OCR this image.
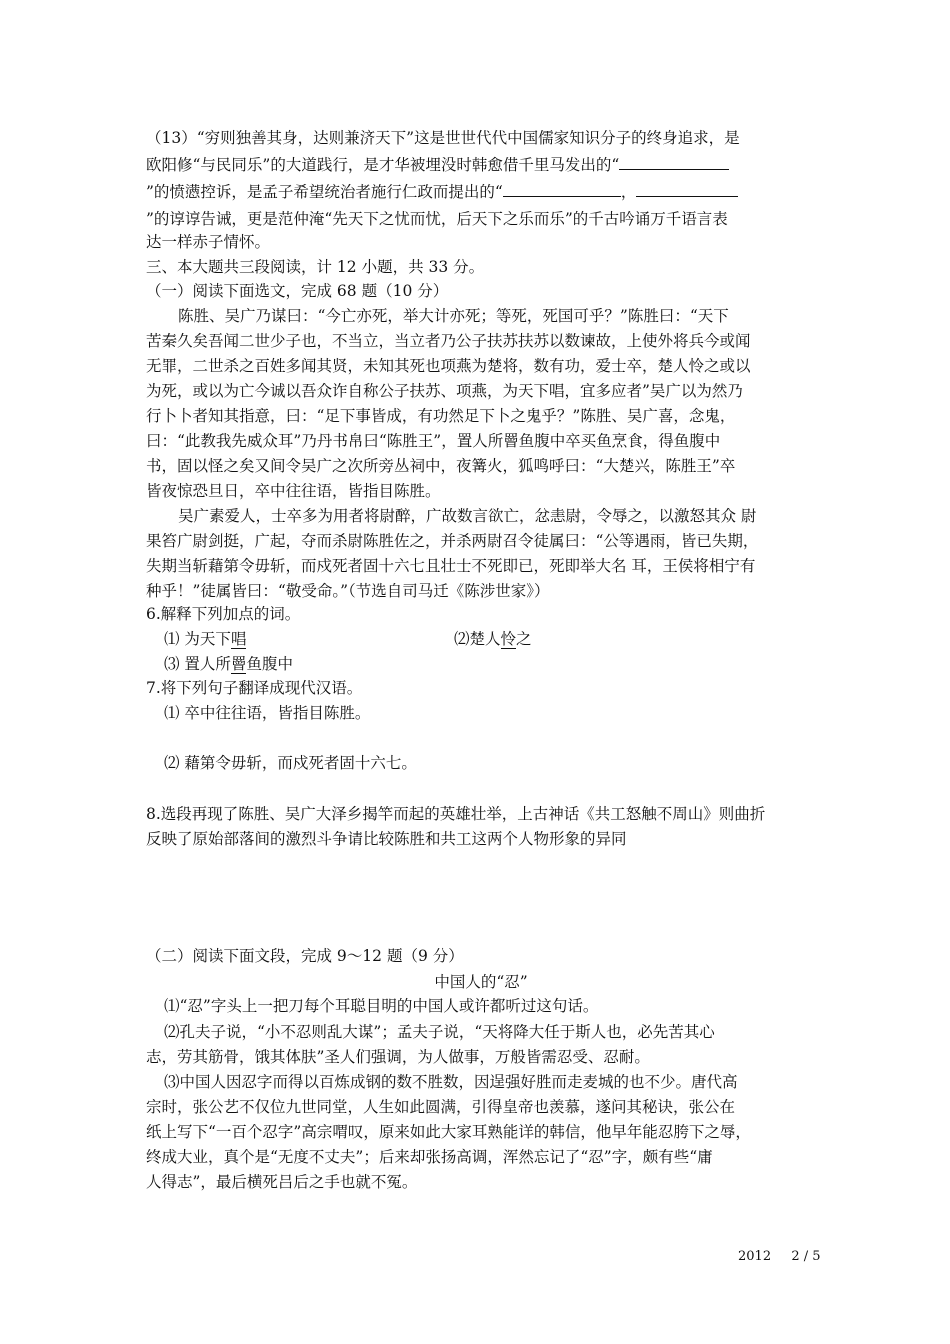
（13）“穷则独善其身，达则兼济天下”这是世世代代中国儒家知识分子的终身追求，是
欧阳修“与民同乐”的大道践行，是才华被埋没时韩愈借千里马发出的“
”的愤懑控诉，是孟子希望统治者施行仁政而提出的“	，
”的谆谆告诫，更是范仲淹“先天下之忧而忧，后天下之乐而乐”的千古吟诵万千语言表
达一样赤子情怀。
三、本大题共三段阅读，计 12 小题，共 33 分。
（一）阅读下面选文，完成 68 题（10 分）
陈胜、吴广乃谋曰：“今亡亦死，举大计亦死；等死，死国可乎？”陈胜曰：“天下
苦秦久矣吾闻二世少子也，不当立，当立者乃公子扶苏扶苏以数谏故，上使外将兵今或闻
无罪，二世杀之百姓多闻其贤，未知其死也项燕为楚将，数有功，爱士卒，楚人怜之或以
为死，或以为亡今诚以吾众诈自称公子扶苏、项燕，为天下唱，宜多应者”吴广以为然乃
行卜卜者知其指意，曰：“足下事皆成，有功然足下卜之鬼乎？”陈胜、吴广喜，念鬼，
曰：“此教我先威众耳”乃丹书帛曰“陈胜王”，置人所罾鱼腹中卒买鱼烹食，得鱼腹中
书，固以怪之矣又间令吴广之次所旁丛祠中，夜篝火，狐鸣呼曰：“大楚兴，陈胜王”卒
皆夜惊恐旦日，卒中往往语，皆指目陈胜。
吴广素爱人，士卒多为用者将尉醉，广故数言欲亡，忿恚尉，令辱之，以激怒其众 尉
果笞广尉剑挺，广起，夺而杀尉陈胜佐之，并杀两尉召令徒属曰：“公等遇雨，皆已失期，
失期当斩藉第令毋斩，而戍死者固十六七且壮士不死即已，死即举大名 耳，王侯将相宁有
种乎！”徒属皆曰：“敬受命。”（节选自司马迁《陈涉世家》）
6.解释下列加点的词。
⑴ 为天下唱	⑵楚人怜之
⑶ 置人所罾鱼腹中
7.将下列句子翻译成现代汉语。
⑴ 卒中往往语，皆指目陈胜。
⑵ 藉第令毋斩，而戍死者固十六七。
8.选段再现了陈胜、吴广大泽乡揭竿而起的英雄壮举，上古神话《共工怒触不周山》则曲折
反映了原始部落间的激烈斗争请比较陈胜和共工这两个人物形象的异同
（二）阅读下面文段，完成 9～12 题（9 分）
中国人的“忍”
⑴“忍”字头上一把刀每个耳聪目明的中国人或许都听过这句话。
⑵孔夫子说，“小不忍则乱大谋”；孟夫子说，“天将降大任于斯人也，必先苦其心
志，劳其筋骨，饿其体肤”圣人们强调，为人做事，万般皆需忍受、忍耐。
⑶中国人因忍字而得以百炼成钢的数不胜数，因逞强好胜而走麦城的也不少。唐代高
宗时，张公艺不仅位九世同堂，人生如此圆满，引得皇帝也羡慕，遂问其秘诀，张公在
纸上写下“一百个忍字”高宗喟叹，原来如此大家耳熟能详的韩信，他早年能忍胯下之辱，
终成大业，真个是“无度不丈夫”；后来却张扬高调，浑然忘记了“忍”字，颇有些“庸
人得志”，最后横死吕后之手也就不冤。
2012 2 / 5
